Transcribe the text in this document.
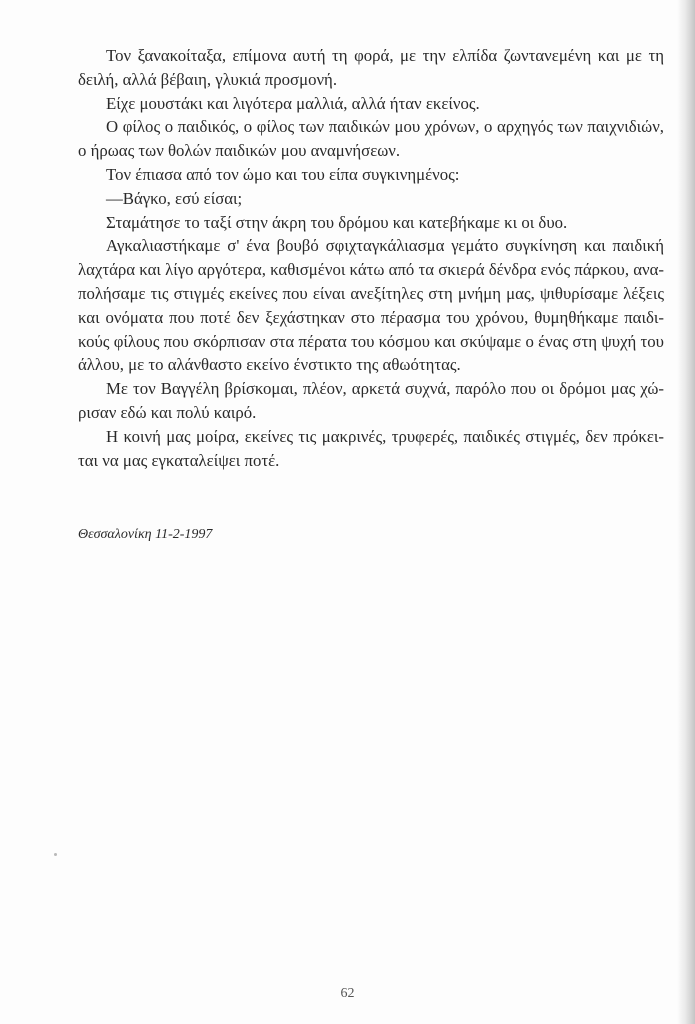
Τον ξανακοίταξα, επίμονα αυτή τη φορά, με την ελπίδα ζωντανεμένη και με τη δειλή, αλλά βέβαιη, γλυκιά προσμονή.

Είχε μουστάκι και λιγότερα μαλλιά, αλλά ήταν εκείνος.

Ο φίλος ο παιδικός, ο φίλος των παιδικών μου χρόνων, ο αρχηγός των παιχνιδιών, ο ήρωας των θολών παιδικών μου αναμνήσεων.

Τον έπιασα από τον ώμο και του είπα συγκινημένος:

—Βάγκο, εσύ είσαι;

Σταμάτησε το ταξί στην άκρη του δρόμου και κατεβήκαμε κι οι δυο.

Αγκαλιαστήκαμε σ' ένα βουβό σφιχταγκάλιασμα γεμάτο συγκίνηση και παιδική λαχτάρα και λίγο αργότερα, καθισμένοι κάτω από τα σκιερά δένδρα ενός πάρκου, αναπολήσαμε τις στιγμές εκείνες που είναι ανεξίτηλες στη μνήμη μας, ψιθυρίσαμε λέξεις και ονόματα που ποτέ δεν ξεχάστηκαν στο πέρασμα του χρόνου, θυμηθήκαμε παιδικούς φίλους που σκόρπισαν στα πέρατα του κόσμου και σκύψαμε ο ένας στη ψυχή του άλλου, με το αλάνθαστο εκείνο ένστικτο της αθωότητας.

Με τον Βαγγέλη βρίσκομαι, πλέον, αρκετά συχνά, παρόλο που οι δρόμοι μας χώρισαν εδώ και πολύ καιρό.

Η κοινή μας μοίρα, εκείνες τις μακρινές, τρυφερές, παιδικές στιγμές, δεν πρόκειται να μας εγκαταλείψει ποτέ.

Θεσσαλονίκη 11-2-1997
62
